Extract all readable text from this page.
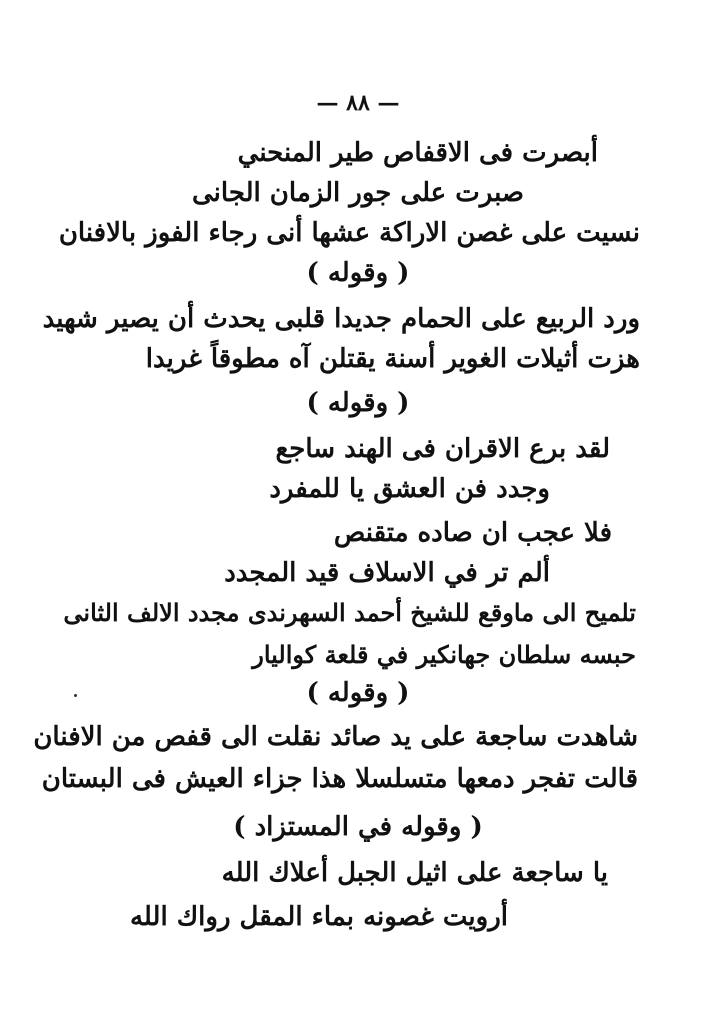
— ٨٨ —
أبصرت فى الاقفاص طير المنحني
صبرت على جور الزمان الجانى
نسيت على غصن الاراكة عشها أنى رجاء الفوز بالافنان
( وقوله )
ورد الربيع على الحمام جديدا قلبى يحدث أن يصير شهيد
هزت أثيلات الغوير أسنة يقتلن آه مطوقاً غريدا
( وقوله )
لقد برع الاقران فى الهند ساجع
وجدد فن العشق يا للمفرد
فلا عجب ان صاده متقنص
ألم تر في الاسلاف قيد المجدد
تلميح الى ماوقع للشيخ أحمد السهرندى مجدد الالف الثانى
حبسه سلطان جهانكير في قلعة كواليار
( وقوله )
شاهدت ساجعة على يد صائد نقلت الى قفص من الافنان
قالت تفجر دمعها متسلسلا هذا جزاء العيش فى البستان
( وقوله في المستزاد )
يا ساجعة على اثيل الجبل أعلاك الله
أرويت غصونه بماء المقل رواك الله
